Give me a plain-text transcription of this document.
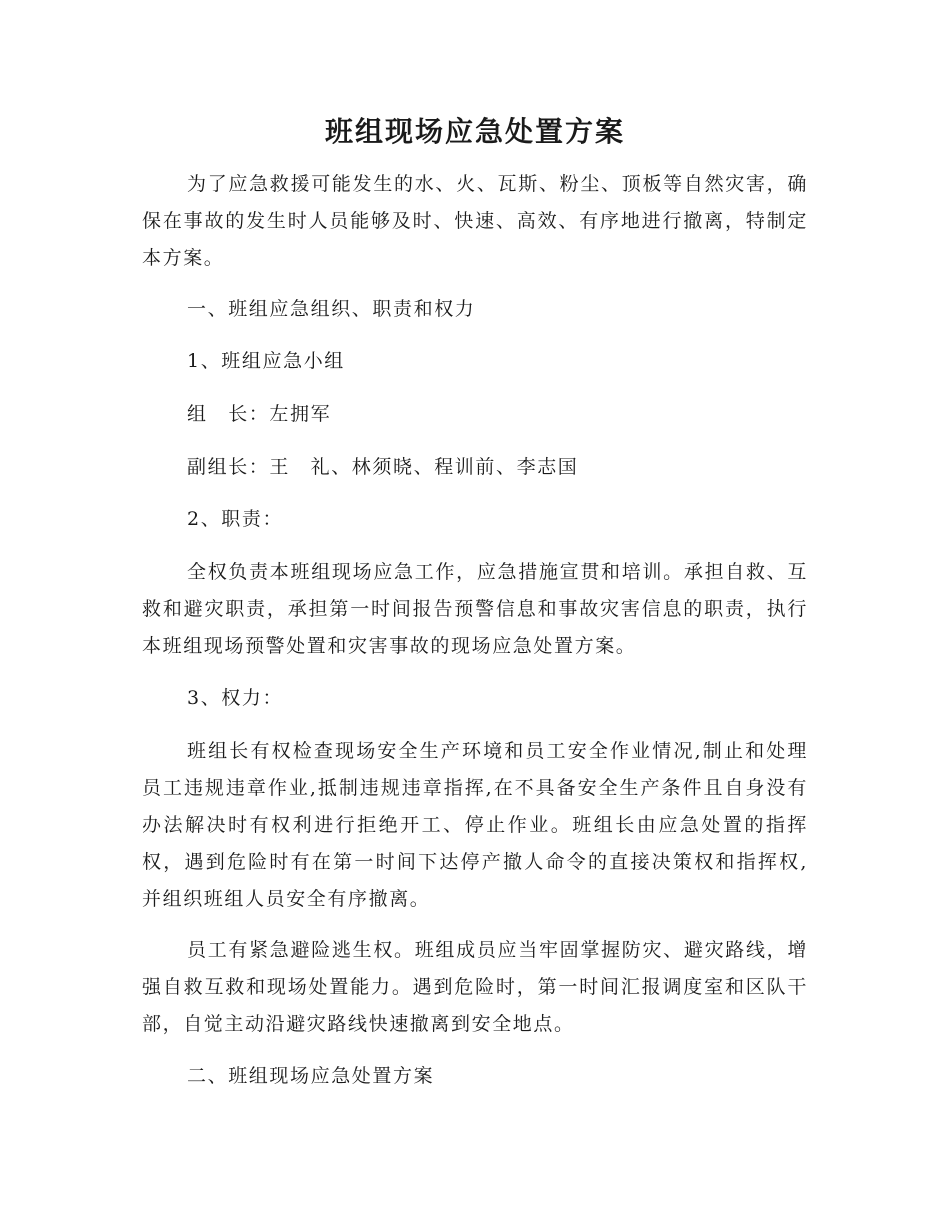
班组现场应急处置方案

为了应急救援可能发生的水、火、瓦斯、粉尘、顶板等自然灾害，确保在事故的发生时人员能够及时、快速、高效、有序地进行撤离，特制定本方案。

一、班组应急组织、职责和权力

1、班组应急小组

组　长：左拥军

副组长：王　礼、林须晓、程训前、李志国

2、职责：

全权负责本班组现场应急工作，应急措施宣贯和培训。承担自救、互救和避灾职责，承担第一时间报告预警信息和事故灾害信息的职责，执行本班组现场预警处置和灾害事故的现场应急处置方案。

3、权力：

班组长有权检查现场安全生产环境和员工安全作业情况,制止和处理员工违规违章作业,抵制违规违章指挥,在不具备安全生产条件且自身没有办法解决时有权利进行拒绝开工、停止作业。班组长由应急处置的指挥权，遇到危险时有在第一时间下达停产撤人命令的直接决策权和指挥权,并组织班组人员安全有序撤离。

员工有紧急避险逃生权。班组成员应当牢固掌握防灾、避灾路线，增强自救互救和现场处置能力。遇到危险时，第一时间汇报调度室和区队干部，自觉主动沿避灾路线快速撤离到安全地点。

二、班组现场应急处置方案
